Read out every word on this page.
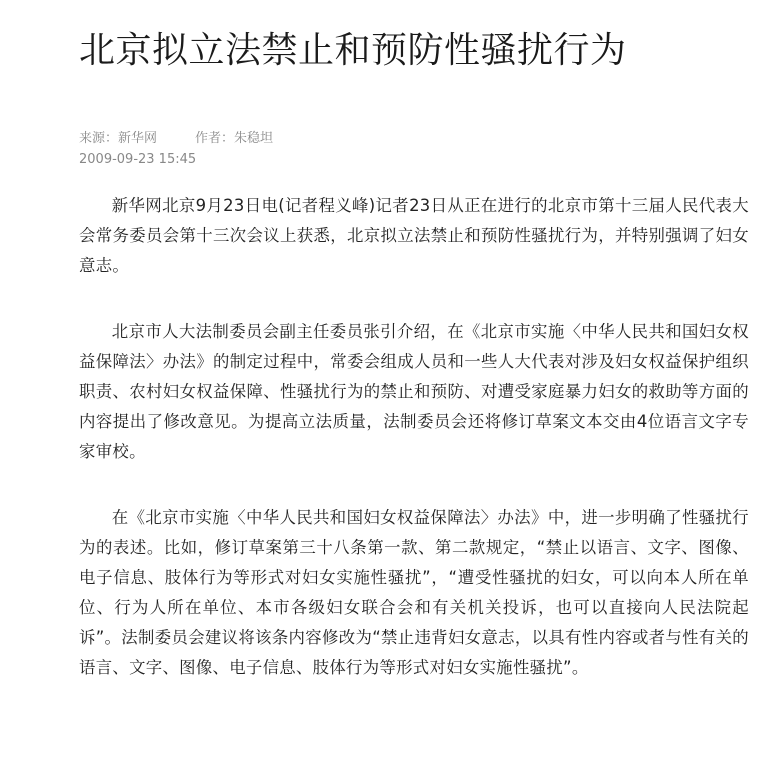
北京拟立法禁止和预防性骚扰行为
来源：新华网	作者：朱稳坦
2009-09-23 15:45

新华网北京9月23日电(记者程义峰)记者23日从正在进行的北京市第十三届人民代表大会常务委员会第十三次会议上获悉，北京拟立法禁止和预防性骚扰行为，并特别强调了妇女意志。

北京市人大法制委员会副主任委员张引介绍，在《北京市实施〈中华人民共和国妇女权益保障法〉办法》的制定过程中，常委会组成人员和一些人大代表对涉及妇女权益保护组织职责、农村妇女权益保障、性骚扰行为的禁止和预防、对遭受家庭暴力妇女的救助等方面的内容提出了修改意见。为提高立法质量，法制委员会还将修订草案文本交由4位语言文字专家审校。

在《北京市实施〈中华人民共和国妇女权益保障法〉办法》中，进一步明确了性骚扰行为的表述。比如，修订草案第三十八条第一款、第二款规定，“禁止以语言、文字、图像、电子信息、肢体行为等形式对妇女实施性骚扰”，“遭受性骚扰的妇女，可以向本人所在单位、行为人所在单位、本市各级妇女联合会和有关机关投诉，也可以直接向人民法院起诉”。法制委员会建议将该条内容修改为“禁止违背妇女意志，以具有性内容或者与性有关的语言、文字、图像、电子信息、肢体行为等形式对妇女实施性骚扰”。
